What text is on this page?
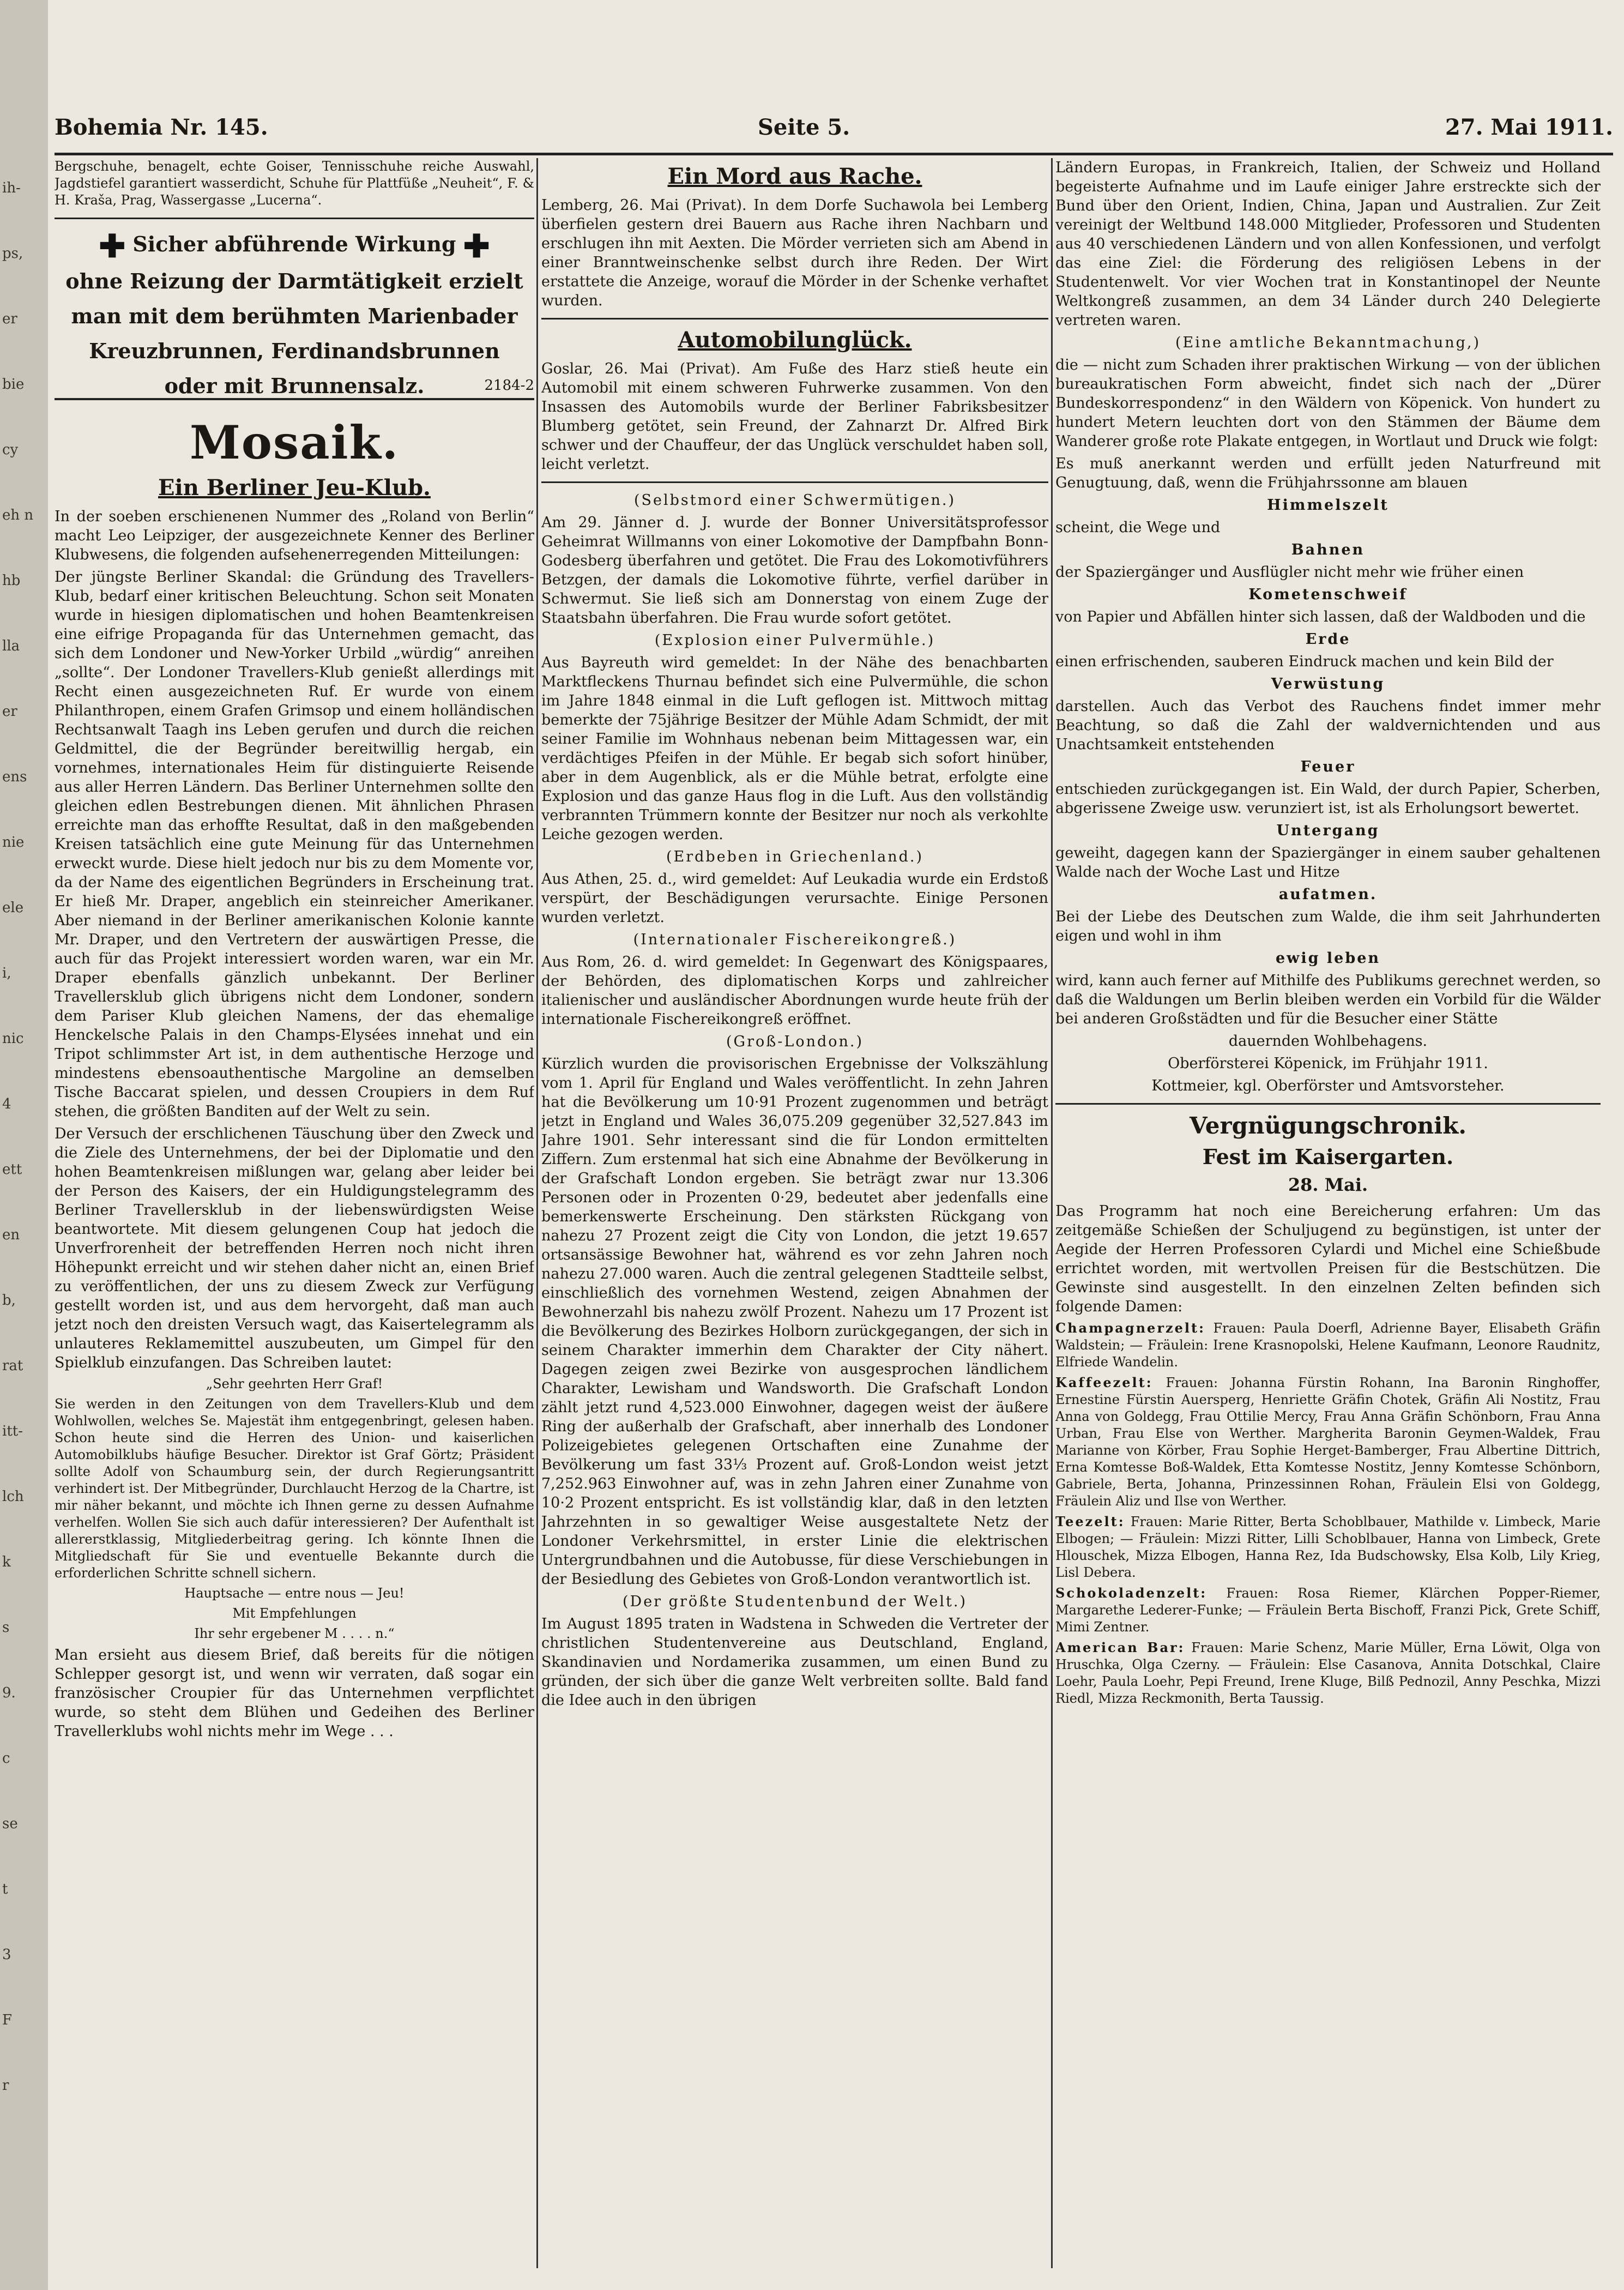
ih-
ps,
er
bie
cy
eh n
hb
lla
er
ens
nie
ele
i,
nic
4
ett
en
b,
rat
itt-
lch
k
s
9.
c
se
t
3
F
r
Bohemia Nr. 145.	Seite 5.	27. Mai 1911.

Bergschuhe, benagelt, echte Goiser, Tennisschuhe reiche Auswahl, Jagdstiefel garantiert wasserdicht, Schuhe für Plattfüße „Neuheit“, F. & H. Kraša, Prag, Wassergasse „Lucerna“.

✚ Sicher abführende Wirkung ✚
ohne Reizung der Darmtätigkeit erzielt
man mit dem berühmten Marienbader
Kreuzbrunnen, Ferdinandsbrunnen
oder mit Brunnensalz.	2184-2
Mosaik.
Ein Berliner Jeu-Klub.

In der soeben erschienenen Nummer des „Roland von Berlin“ macht Leo Leipziger, der ausgezeichnete Kenner des Berliner Klubwesens, die folgenden aufsehenerregenden Mitteilungen:

Der jüngste Berliner Skandal: die Gründung des Travellers-Klub, bedarf einer kritischen Beleuchtung. Schon seit Monaten wurde in hiesigen diplomatischen und hohen Beamtenkreisen eine eifrige Propaganda für das Unternehmen gemacht, das sich dem Londoner und New-Yorker Urbild „würdig“ anreihen „sollte“. Der Londoner Travellers-Klub genießt allerdings mit Recht einen ausgezeichneten Ruf. Er wurde von einem Philanthropen, einem Grafen Grimsop und einem holländischen Rechtsanwalt Taagh ins Leben gerufen und durch die reichen Geldmittel, die der Begründer bereitwillig hergab, ein vornehmes, internationales Heim für distinguierte Reisende aus aller Herren Ländern. Das Berliner Unternehmen sollte den gleichen edlen Bestrebungen dienen. Mit ähnlichen Phrasen erreichte man das erhoffte Resultat, daß in den maßgebenden Kreisen tatsächlich eine gute Meinung für das Unternehmen erweckt wurde. Diese hielt jedoch nur bis zu dem Momente vor, da der Name des eigentlichen Begründers in Erscheinung trat. Er hieß Mr. Draper, angeblich ein steinreicher Amerikaner. Aber niemand in der Berliner amerikanischen Kolonie kannte Mr. Draper, und den Vertretern der auswärtigen Presse, die auch für das Projekt interessiert worden waren, war ein Mr. Draper ebenfalls gänzlich unbekannt. Der Berliner Travellersklub glich übrigens nicht dem Londoner, sondern dem Pariser Klub gleichen Namens, der das ehemalige Henckelsche Palais in den Champs-Elysées innehat und ein Tripot schlimmster Art ist, in dem authentische Herzoge und mindestens ebensoauthentische Margoline an demselben Tische Baccarat spielen, und dessen Croupiers in dem Ruf stehen, die größten Banditen auf der Welt zu sein.

Der Versuch der erschlichenen Täuschung über den Zweck und die Ziele des Unternehmens, der bei der Diplomatie und den hohen Beamtenkreisen mißlungen war, gelang aber leider bei der Person des Kaisers, der ein Huldigungstelegramm des Berliner Travellersklub in der liebenswürdigsten Weise beantwortete. Mit diesem gelungenen Coup hat jedoch die Unverfrorenheit der betreffenden Herren noch nicht ihren Höhepunkt erreicht und wir stehen daher nicht an, einen Brief zu veröffentlichen, der uns zu diesem Zweck zur Verfügung gestellt worden ist, und aus dem hervorgeht, daß man auch jetzt noch den dreisten Versuch wagt, das Kaisertelegramm als unlauteres Reklamemittel auszubeuten, um Gimpel für den Spielklub einzufangen. Das Schreiben lautet:

„Sehr geehrten Herr Graf!

Sie werden in den Zeitungen von dem Travellers-Klub und dem Wohlwollen, welches Se. Majestät ihm entgegenbringt, gelesen haben. Schon heute sind die Herren des Union- und kaiserlichen Automobilklubs häufige Besucher. Direktor ist Graf Görtz; Präsident sollte Adolf von Schaumburg sein, der durch Regierungsantritt verhindert ist. Der Mitbegründer, Durchlaucht Herzog de la Chartre, ist mir näher bekannt, und möchte ich Ihnen gerne zu dessen Aufnahme verhelfen. Wollen Sie sich auch dafür interessieren? Der Aufenthalt ist allererstklassig, Mitgliederbeitrag gering. Ich könnte Ihnen die Mitgliedschaft für Sie und eventuelle Bekannte durch die erforderlichen Schritte schnell sichern.

Hauptsache — entre nous — Jeu!

Mit Empfehlungen

Ihr sehr ergebener M . . . . n.“

Man ersieht aus diesem Brief, daß bereits für die nötigen Schlepper gesorgt ist, und wenn wir verraten, daß sogar ein französischer Croupier für das Unternehmen verpflichtet wurde, so steht dem Blühen und Gedeihen des Berliner Travellerklubs wohl nichts mehr im Wege . . .

Ein Mord aus Rache.

Lemberg, 26. Mai (Privat). In dem Dorfe Suchawola bei Lemberg überfielen gestern drei Bauern aus Rache ihren Nachbarn und erschlugen ihn mit Aexten. Die Mörder verrieten sich am Abend in einer Branntweinschenke selbst durch ihre Reden. Der Wirt erstattete die Anzeige, worauf die Mörder in der Schenke verhaftet wurden.

Automobilunglück.

Goslar, 26. Mai (Privat). Am Fuße des Harz stieß heute ein Automobil mit einem schweren Fuhrwerke zusammen. Von den Insassen des Automobils wurde der Berliner Fabriksbesitzer Blumberg getötet, sein Freund, der Zahnarzt Dr. Alfred Birk schwer und der Chauffeur, der das Unglück verschuldet haben soll, leicht verletzt.

(Selbstmord einer Schwermütigen.)

Am 29. Jänner d. J. wurde der Bonner Universitätsprofessor Geheimrat Willmanns von einer Lokomotive der Dampfbahn Bonn-Godesberg überfahren und getötet. Die Frau des Lokomotivführers Betzgen, der damals die Lokomotive führte, verfiel darüber in Schwermut. Sie ließ sich am Donnerstag von einem Zuge der Staatsbahn überfahren. Die Frau wurde sofort getötet.

(Explosion einer Pulvermühle.)

Aus Bayreuth wird gemeldet: In der Nähe des benachbarten Marktfleckens Thurnau befindet sich eine Pulvermühle, die schon im Jahre 1848 einmal in die Luft geflogen ist. Mittwoch mittag bemerkte der 75jährige Besitzer der Mühle Adam Schmidt, der mit seiner Familie im Wohnhaus nebenan beim Mittagessen war, ein verdächtiges Pfeifen in der Mühle. Er begab sich sofort hinüber, aber in dem Augenblick, als er die Mühle betrat, erfolgte eine Explosion und das ganze Haus flog in die Luft. Aus den vollständig verbrannten Trümmern konnte der Besitzer nur noch als verkohlte Leiche gezogen werden.

(Erdbeben in Griechenland.)

Aus Athen, 25. d., wird gemeldet: Auf Leukadia wurde ein Erdstoß verspürt, der Beschädigungen verursachte. Einige Personen wurden verletzt.

(Internationaler Fischereikongreß.)

Aus Rom, 26. d. wird gemeldet: In Gegenwart des Königspaares, der Behörden, des diplomatischen Korps und zahlreicher italienischer und ausländischer Abordnungen wurde heute früh der internationale Fischereikongreß eröffnet.

(Groß-London.)

Kürzlich wurden die provisorischen Ergebnisse der Volkszählung vom 1. April für England und Wales veröffentlicht. In zehn Jahren hat die Bevölkerung um 10·91 Prozent zugenommen und beträgt jetzt in England und Wales 36,075.209 gegenüber 32,527.843 im Jahre 1901. Sehr interessant sind die für London ermittelten Ziffern. Zum erstenmal hat sich eine Abnahme der Bevölkerung in der Grafschaft London ergeben. Sie beträgt zwar nur 13.306 Personen oder in Prozenten 0·29, bedeutet aber jedenfalls eine bemerkenswerte Erscheinung. Den stärksten Rückgang von nahezu 27 Prozent zeigt die City von London, die jetzt 19.657 ortsansässige Bewohner hat, während es vor zehn Jahren noch nahezu 27.000 waren. Auch die zentral gelegenen Stadtteile selbst, einschließlich des vornehmen Westend, zeigen Abnahmen der Bewohnerzahl bis nahezu zwölf Prozent. Nahezu um 17 Prozent ist die Bevölkerung des Bezirkes Holborn zurückgegangen, der sich in seinem Charakter immerhin dem Charakter der City nähert. Dagegen zeigen zwei Bezirke von ausgesprochen ländlichem Charakter, Lewisham und Wandsworth. Die Grafschaft London zählt jetzt rund 4,523.000 Einwohner, dagegen weist der äußere Ring der außerhalb der Grafschaft, aber innerhalb des Londoner Polizeigebietes gelegenen Ortschaften eine Zunahme der Bevölkerung um fast 33⅓ Prozent auf. Groß-London weist jetzt 7,252.963 Einwohner auf, was in zehn Jahren einer Zunahme von 10·2 Prozent entspricht. Es ist vollständig klar, daß in den letzten Jahrzehnten in so gewaltiger Weise ausgestaltete Netz der Londoner Verkehrsmittel, in erster Linie die elektrischen Untergrundbahnen und die Autobusse, für diese Verschiebungen in der Besiedlung des Gebietes von Groß-London verantwortlich ist.

(Der größte Studentenbund der Welt.)

Im August 1895 traten in Wadstena in Schweden die Vertreter der christlichen Studentenvereine aus Deutschland, England, Skandinavien und Nordamerika zusammen, um einen Bund zu gründen, der sich über die ganze Welt verbreiten sollte. Bald fand die Idee auch in den übrigen

Ländern Europas, in Frankreich, Italien, der Schweiz und Holland begeisterte Aufnahme und im Laufe einiger Jahre erstreckte sich der Bund über den Orient, Indien, China, Japan und Australien. Zur Zeit vereinigt der Weltbund 148.000 Mitglieder, Professoren und Studenten aus 40 verschiedenen Ländern und von allen Konfessionen, und verfolgt das eine Ziel: die Förderung des religiösen Lebens in der Studentenwelt. Vor vier Wochen trat in Konstantinopel der Neunte Weltkongreß zusammen, an dem 34 Länder durch 240 Delegierte vertreten waren.

(Eine amtliche Bekanntmachung,)

die — nicht zum Schaden ihrer praktischen Wirkung — von der üblichen bureaukratischen Form abweicht, findet sich nach der „Dürer Bundeskorrespondenz“ in den Wäldern von Köpenick. Von hundert zu hundert Metern leuchten dort von den Stämmen der Bäume dem Wanderer große rote Plakate entgegen, in Wortlaut und Druck wie folgt:

Es muß anerkannt werden und erfüllt jeden Naturfreund mit Genugtuung, daß, wenn die Frühjahrssonne am blauen

Himmelszelt

scheint, die Wege und

Bahnen

der Spaziergänger und Ausflügler nicht mehr wie früher einen

Kometenschweif

von Papier und Abfällen hinter sich lassen, daß der Waldboden und die

Erde

einen erfrischenden, sauberen Eindruck machen und kein Bild der

Verwüstung

darstellen. Auch das Verbot des Rauchens findet immer mehr Beachtung, so daß die Zahl der waldvernichtenden und aus Unachtsamkeit entstehenden

Feuer

entschieden zurückgegangen ist. Ein Wald, der durch Papier, Scherben, abgerissene Zweige usw. verunziert ist, ist als Erholungsort bewertet.

Untergang

geweiht, dagegen kann der Spaziergänger in einem sauber gehaltenen Walde nach der Woche Last und Hitze

aufatmen.

Bei der Liebe des Deutschen zum Walde, die ihm seit Jahrhunderten eigen und wohl in ihm

ewig leben

wird, kann auch ferner auf Mithilfe des Publikums gerechnet werden, so daß die Waldungen um Berlin bleiben werden ein Vorbild für die Wälder bei anderen Großstädten und für die Besucher einer Stätte

dauernden Wohlbehagens.

Oberförsterei Köpenick, im Frühjahr 1911.

Kottmeier, kgl. Oberförster und Amtsvorsteher.

Vergnügungschronik.
Fest im Kaisergarten.
28. Mai.

Das Programm hat noch eine Bereicherung erfahren: Um das zeitgemäße Schießen der Schuljugend zu begünstigen, ist unter der Aegide der Herren Professoren Cylardi und Michel eine Schießbude errichtet worden, mit wertvollen Preisen für die Bestschützen. Die Gewinste sind ausgestellt. In den einzelnen Zelten befinden sich folgende Damen:

Champagnerzelt: Frauen: Paula Doerfl, Adrienne Bayer, Elisabeth Gräfin Waldstein; — Fräulein: Irene Krasnopolski, Helene Kaufmann, Leonore Raudnitz, Elfriede Wandelin.

Kaffeezelt: Frauen: Johanna Fürstin Rohann, Ina Baronin Ringhoffer, Ernestine Fürstin Auersperg, Henriette Gräfin Chotek, Gräfin Ali Nostitz, Frau Anna von Goldegg, Frau Ottilie Mercy, Frau Anna Gräfin Schönborn, Frau Anna Urban, Frau Else von Werther. Margherita Baronin Geymen-Waldek, Frau Marianne von Körber, Frau Sophie Herget-Bamberger, Frau Albertine Dittrich, Erna Komtesse Boß-Waldek, Etta Komtesse Nostitz, Jenny Komtesse Schönborn, Gabriele, Berta, Johanna, Prinzessinnen Rohan, Fräulein Elsi von Goldegg, Fräulein Aliz und Ilse von Werther.

Teezelt: Frauen: Marie Ritter, Berta Schoblbauer, Mathilde v. Limbeck, Marie Elbogen; — Fräulein: Mizzi Ritter, Lilli Schoblbauer, Hanna von Limbeck, Grete Hlouschek, Mizza Elbogen, Hanna Rez, Ida Budschowsky, Elsa Kolb, Lily Krieg, Lisl Debera.

Schokoladenzelt: Frauen: Rosa Riemer, Klärchen Popper-Riemer, Margarethe Lederer-Funke; — Fräulein Berta Bischoff, Franzi Pick, Grete Schiff, Mimi Zentner.

American Bar: Frauen: Marie Schenz, Marie Müller, Erna Löwit, Olga von Hruschka, Olga Czerny. — Fräulein: Else Casanova, Annita Dotschkal, Claire Loehr, Paula Loehr, Pepi Freund, Irene Kluge, Bilß Pednozil, Anny Peschka, Mizzi Riedl, Mizza Reckmonith, Berta Taussig.
